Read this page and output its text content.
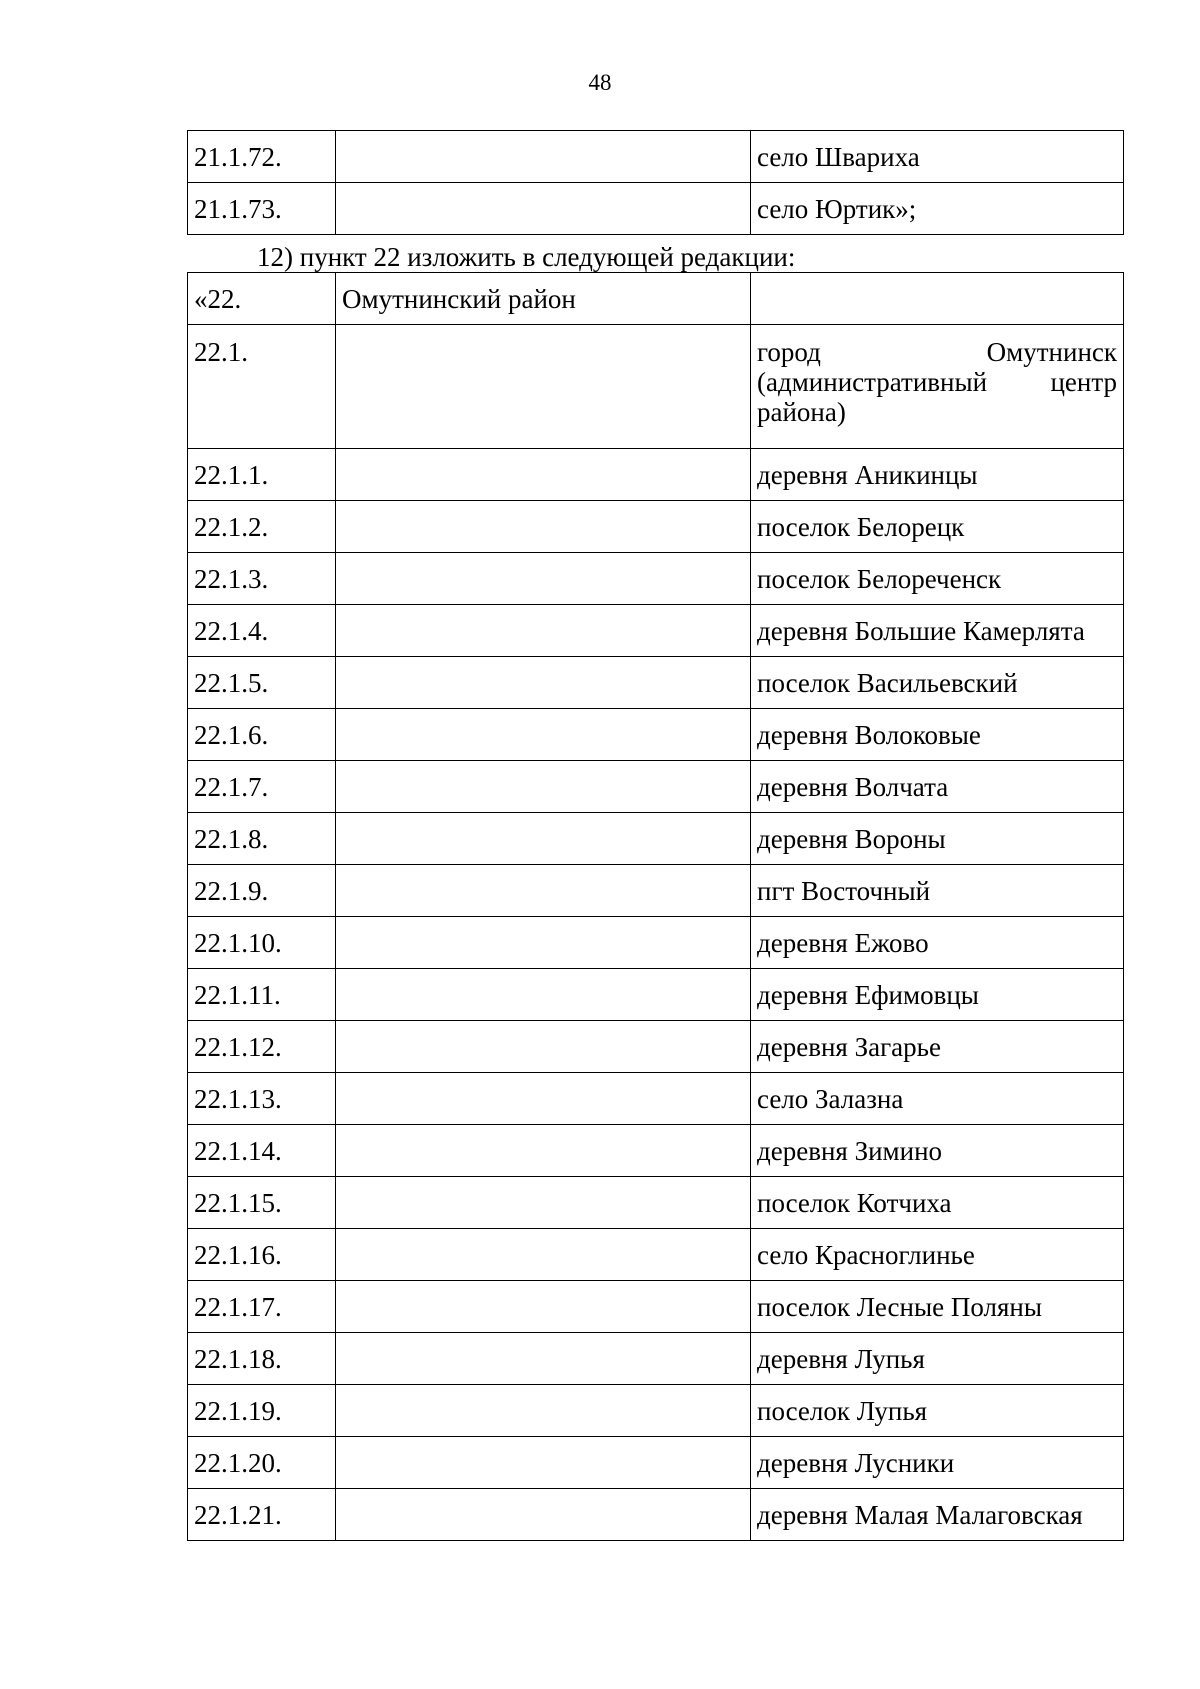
48
21.1.72.		село Швариха
21.1.73.		село Юртик»;
12) пункт 22 изложить в следующей редакции:
«22.	Омутнинский район	
22.1.		город Омутнинск (административный центр района)
22.1.1.		деревня Аникинцы
22.1.2.		поселок Белорецк
22.1.3.		поселок Белореченск
22.1.4.		деревня Большие Камерлята
22.1.5.		поселок Васильевский
22.1.6.		деревня Волоковые
22.1.7.		деревня Волчата
22.1.8.		деревня Вороны
22.1.9.		пгт Восточный
22.1.10.		деревня Ежово
22.1.11.		деревня Ефимовцы
22.1.12.		деревня Загарье
22.1.13.		село Залазна
22.1.14.		деревня Зимино
22.1.15.		поселок Котчиха
22.1.16.		село Красноглинье
22.1.17.		поселок Лесные Поляны
22.1.18.		деревня Лупья
22.1.19.		поселок Лупья
22.1.20.		деревня Лусники
22.1.21.		деревня Малая Малаговская
